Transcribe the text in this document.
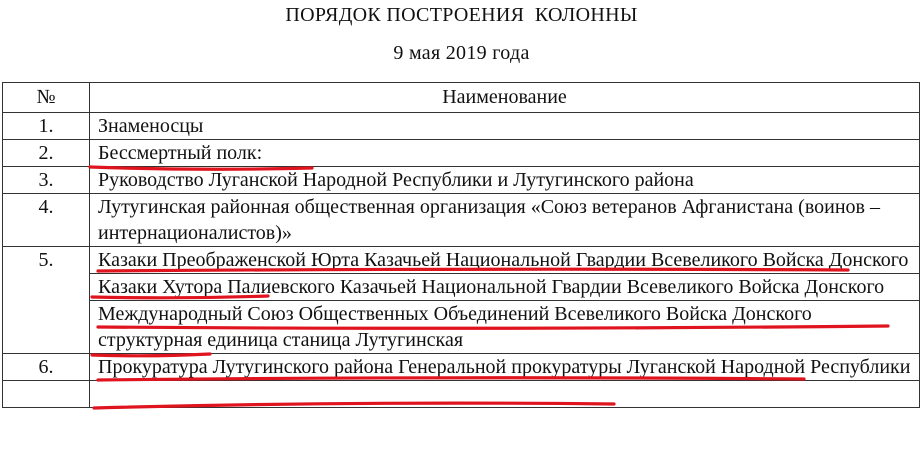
ПОРЯДОК ПОСТРОЕНИЯ  КОЛОННЫ
9 мая 2019 года
№	Наименование
1.	Знаменосцы
2.	Бессмертный полк:
3.	Руководство Луганской Народной Республики и Лутугинского района
4.	Лутугинская районная общественная организация «Союз ветеранов Афганистана (воинов – интернационалистов)»
5.	Казаки Преображенской Юрта Казачьей Национальной Гвардии Всевеликого Войска Донского
	Казаки Хутора Палиевского Казачьей Национальной Гвардии Всевеликого Войска Донского
	Международный Союз Общественных Объединений Всевеликого Войска Донского структурная единица станица Лутугинская
6.	Прокуратура Лутугинского района Генеральной прокуратуры Луганской Народной Республики
